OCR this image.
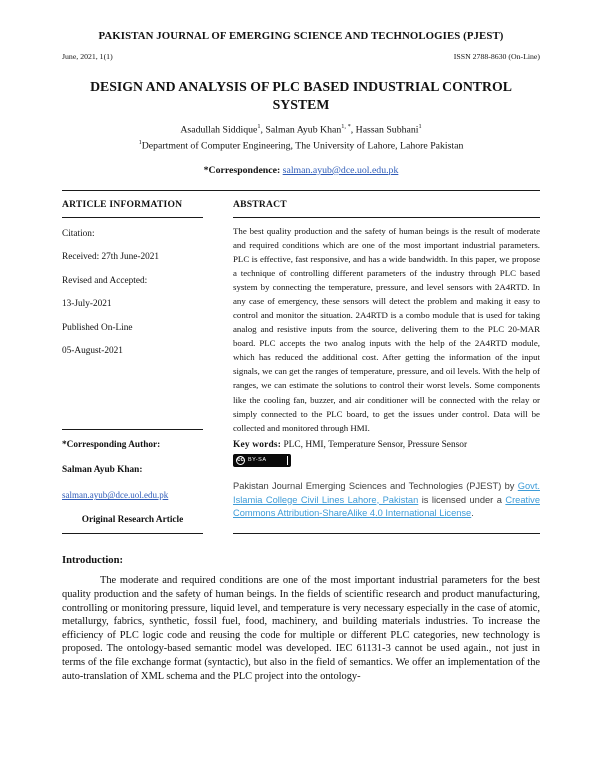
PAKISTAN JOURNAL OF EMERGING SCIENCE AND TECHNOLOGIES (PJEST)
June, 2021, 1(1)	ISSN 2788-8630 (On-Line)
DESIGN AND ANALYSIS OF PLC BASED INDUSTRIAL CONTROL SYSTEM
Asadullah Siddique$^1$, Salman Ayub Khan$^{1, *}$, Hassan Subhani$^1$
$^1$Department of Computer Engineering, The University of Lahore, Lahore Pakistan
*Correspondence: salman.ayub@dce.uol.edu.pk
ARTICLE INFORMATION
Citation:
Received: 27th June-2021
Revised and Accepted:
13-July-2021
Published On-Line
05-August-2021
*Corresponding Author:
Salman Ayub Khan:
salman.ayub@dce.uol.edu.pk
Original Research Article
ABSTRACT
The best quality production and the safety of human beings is the result of moderate and required conditions which are one of the most important industrial parameters. PLC is effective, fast responsive, and has a wide bandwidth. In this paper, we propose a technique of controlling different parameters of the industry through PLC based system by connecting the temperature, pressure, and level sensors with 2A4RTD. In any case of emergency, these sensors will detect the problem and making it easy to control and monitor the situation. 2A4RTD is a combo module that is used for taking analog and resistive inputs from the source, delivering them to the PLC 20-MAR board. PLC accepts the two analog inputs with the help of the 2A4RTD module, which has reduced the additional cost. After getting the information of the input signals, we can get the ranges of temperature, pressure, and oil levels. With the help of ranges, we can estimate the solutions to control their worst levels. Some components like the cooling fan, buzzer, and air conditioner will be connected with the relay or simply connected to the PLC board, to get the issues under control. Data will be collected and monitored through HMI.
Key words: PLC, HMI, Temperature Sensor, Pressure Sensor
cc BY-SA
Pakistan Journal Emerging Sciences and Technologies (PJEST) by Govt. Islamia College Civil Lines Lahore, Pakistan is licensed under a Creative Commons Attribution-ShareAlike 4.0 International License.
Introduction:
The moderate and required conditions are one of the most important industrial parameters for the best quality production and the safety of human beings. In the fields of scientific research and product manufacturing, controlling or monitoring pressure, liquid level, and temperature is very necessary especially in the case of atomic, metallurgy, fabrics, synthetic, fossil fuel, food, machinery, and building materials industries. To increase the efficiency of PLC logic code and reusing the code for multiple or different PLC categories, new technology is proposed. The ontology-based semantic model was developed. IEC 61131-3 cannot be used again., not just in terms of the file exchange format (syntactic), but also in the field of semantics. We offer an implementation of the auto-translation of XML schema and the PLC project into the ontology-
